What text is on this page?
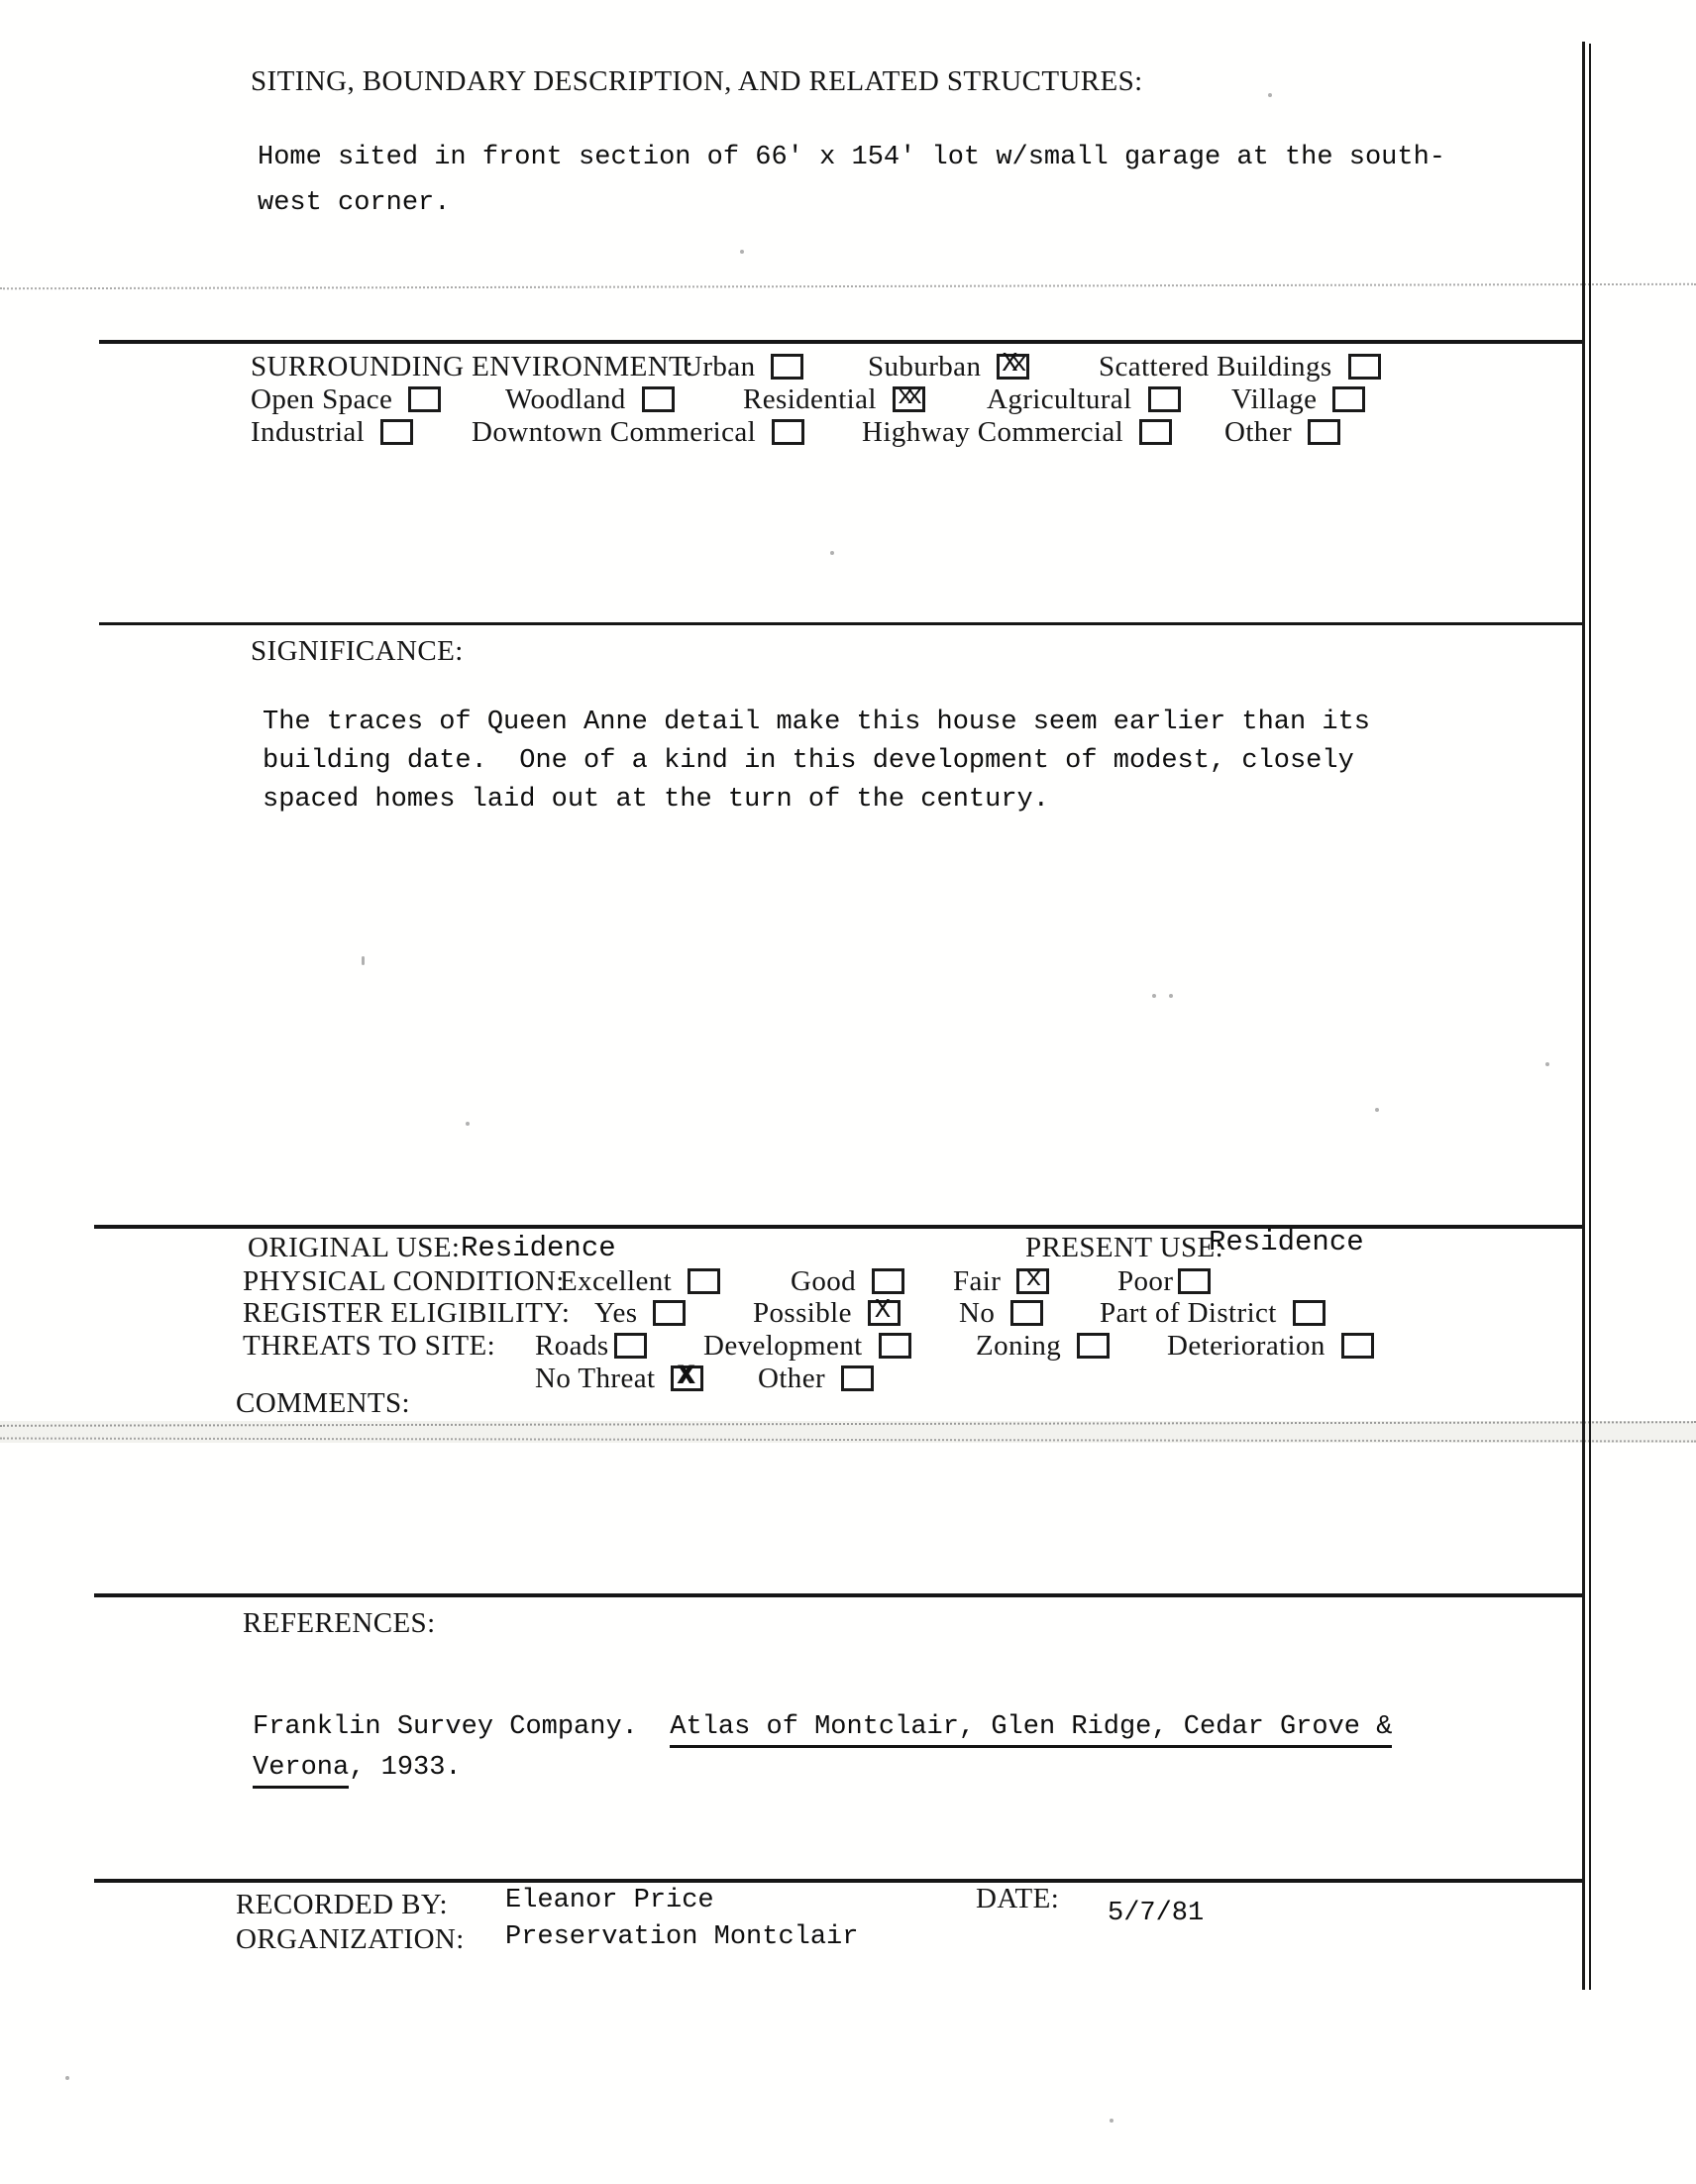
SITING, BOUNDARY DESCRIPTION, AND RELATED STRUCTURES:
Home sited in front section of 66' x 154' lot w/small garage at the south-
west corner.
SURROUNDING ENVIRONMENT:
Urban	Suburban Xx	Scattered Buildings
Open Space	Woodland	Residential xx Agricultural	Village
Industrial	Downtown Commerical	Highway Commercial	Other
SIGNIFICANCE:
The traces of Queen Anne detail make this house seem earlier than its
building date.  One of a kind in this development of modest, closely
spaced homes laid out at the turn of the century.
ORIGINAL USE: Residence	PRESENT USE:
Residence
PHYSICAL CONDITION:
Excellent	Good	Fair x	Poor
REGISTER ELIGIBILITY: Yes	Possible X No	Part of District
THREATS TO SITE: Roads	Development	Zoning	Deterioration
No Threat X Other
COMMENTS:
REFERENCES:
Franklin Survey Company. Atlas of Montclair, Glen Ridge, Cedar Grove &
Verona, 1933.
RECORDED BY: Eleanor Price
ORGANIZATION: Preservation Montclair
DATE: 5/7/81
